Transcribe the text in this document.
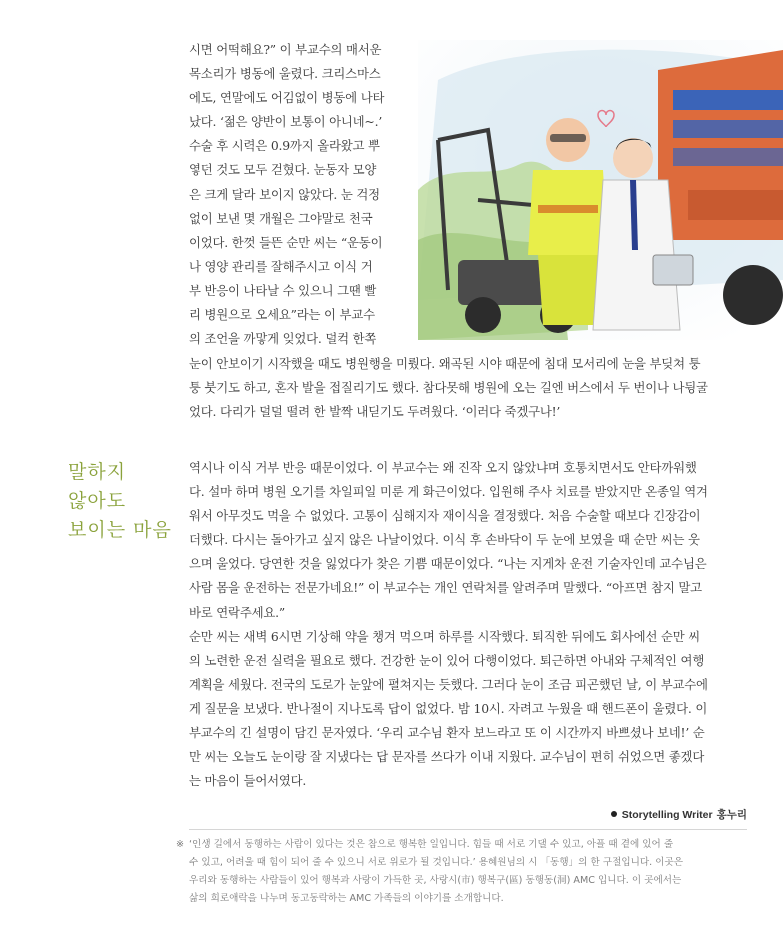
시면 어떡해요?” 이 부교수의 매서운
목소리가 병동에 울렸다. 크리스마스
에도, 연말에도 어김없이 병동에 나타
났다. ‘젊은 양반이 보통이 아니네~.’
수술 후 시력은 0.9까지 올라왔고 뿌
옇던 것도 모두 걷혔다. 눈동자 모양
은 크게 달라 보이지 않았다. 눈 걱정
없이 보낸 몇 개월은 그야말로 천국
이었다. 한껏 들뜬 순만 씨는 “운동이
나 영양 관리를 잘해주시고 이식 거
부 반응이 나타날 수 있으니 그땐 빨
리 병원으로 오세요”라는 이 부교수
의 조언을 까맣게 잊었다. 덜컥 한쪽
눈이 안보이기 시작했을 때도 병원행을 미뤘다. 왜곡된 시야 때문에 침대 모서리에 눈을 부딪쳐 퉁
퉁 붓기도 하고, 혼자 발을 접질리기도 했다. 참다못해 병원에 오는 길엔 버스에서 두 번이나 나뒹굴
었다. 다리가 덜덜 떨려 한 발짝 내딛기도 두려웠다. ‘이러다 죽겠구나!’
말하지
않아도
보이는 마음
역시나 이식 거부 반응 때문이었다. 이 부교수는 왜 진작 오지 않았냐며 호통치면서도 안타까워했
다. 설마 하며 병원 오기를 차일피일 미룬 게 화근이었다. 입원해 주사 치료를 받았지만 온종일 역겨
워서 아무것도 먹을 수 없었다. 고통이 심해지자 재이식을 결정했다. 처음 수술할 때보다 긴장감이
더했다. 다시는 돌아가고 싶지 않은 나날이었다. 이식 후 손바닥이 두 눈에 보였을 때 순만 씨는 웃
으며 울었다. 당연한 것을 잃었다가 찾은 기쁨 때문이었다. “나는 지게차 운전 기술자인데 교수님은
사람 몸을 운전하는 전문가네요!” 이 부교수는 개인 연락처를 알려주며 말했다. “아프면 참지 말고
바로 연락주세요.”
순만 씨는 새벽 6시면 기상해 약을 챙겨 먹으며 하루를 시작했다. 퇴직한 뒤에도 회사에선 순만 씨
의 노련한 운전 실력을 필요로 했다. 건강한 눈이 있어 다행이었다. 퇴근하면 아내와 구체적인 여행
계획을 세웠다. 전국의 도로가 눈앞에 펼쳐지는 듯했다. 그러다 눈이 조금 피곤했던 날, 이 부교수에
게 질문을 보냈다. 반나절이 지나도록 답이 없었다. 밤 10시. 자려고 누웠을 때 핸드폰이 울렸다. 이
부교수의 긴 설명이 담긴 문자였다. ‘우리 교수님 환자 보느라고 또 이 시간까지 바쁘셨나 보네!’ 순
만 씨는 오늘도 눈이랑 잘 지냈다는 답 문자를 쓰다가 이내 지웠다. 교수님이 편히 쉬었으면 좋겠다
는 마음이 들어서였다.
Storytelling Writer 홍누리
※ ‘인생 길에서 동행하는 사람이 있다는 것은 참으로 행복한 일입니다. 힘들 때 서로 기댈 수 있고, 아플 때 곁에 있어 줄
수 있고, 어려울 때 힘이 되어 줄 수 있으니 서로 위로가 될 것입니다.’ 용혜원님의 시 「동행」의 한 구절입니다. 이곳은
우리와 동행하는 사람들이 있어 행복과 사랑이 가득한 곳, 사랑시(市) 행복구(區) 동행동(洞) AMC 입니다. 이 곳에서는
삶의 희로애락을 나누며 동고동락하는 AMC 가족들의 이야기를 소개합니다.
